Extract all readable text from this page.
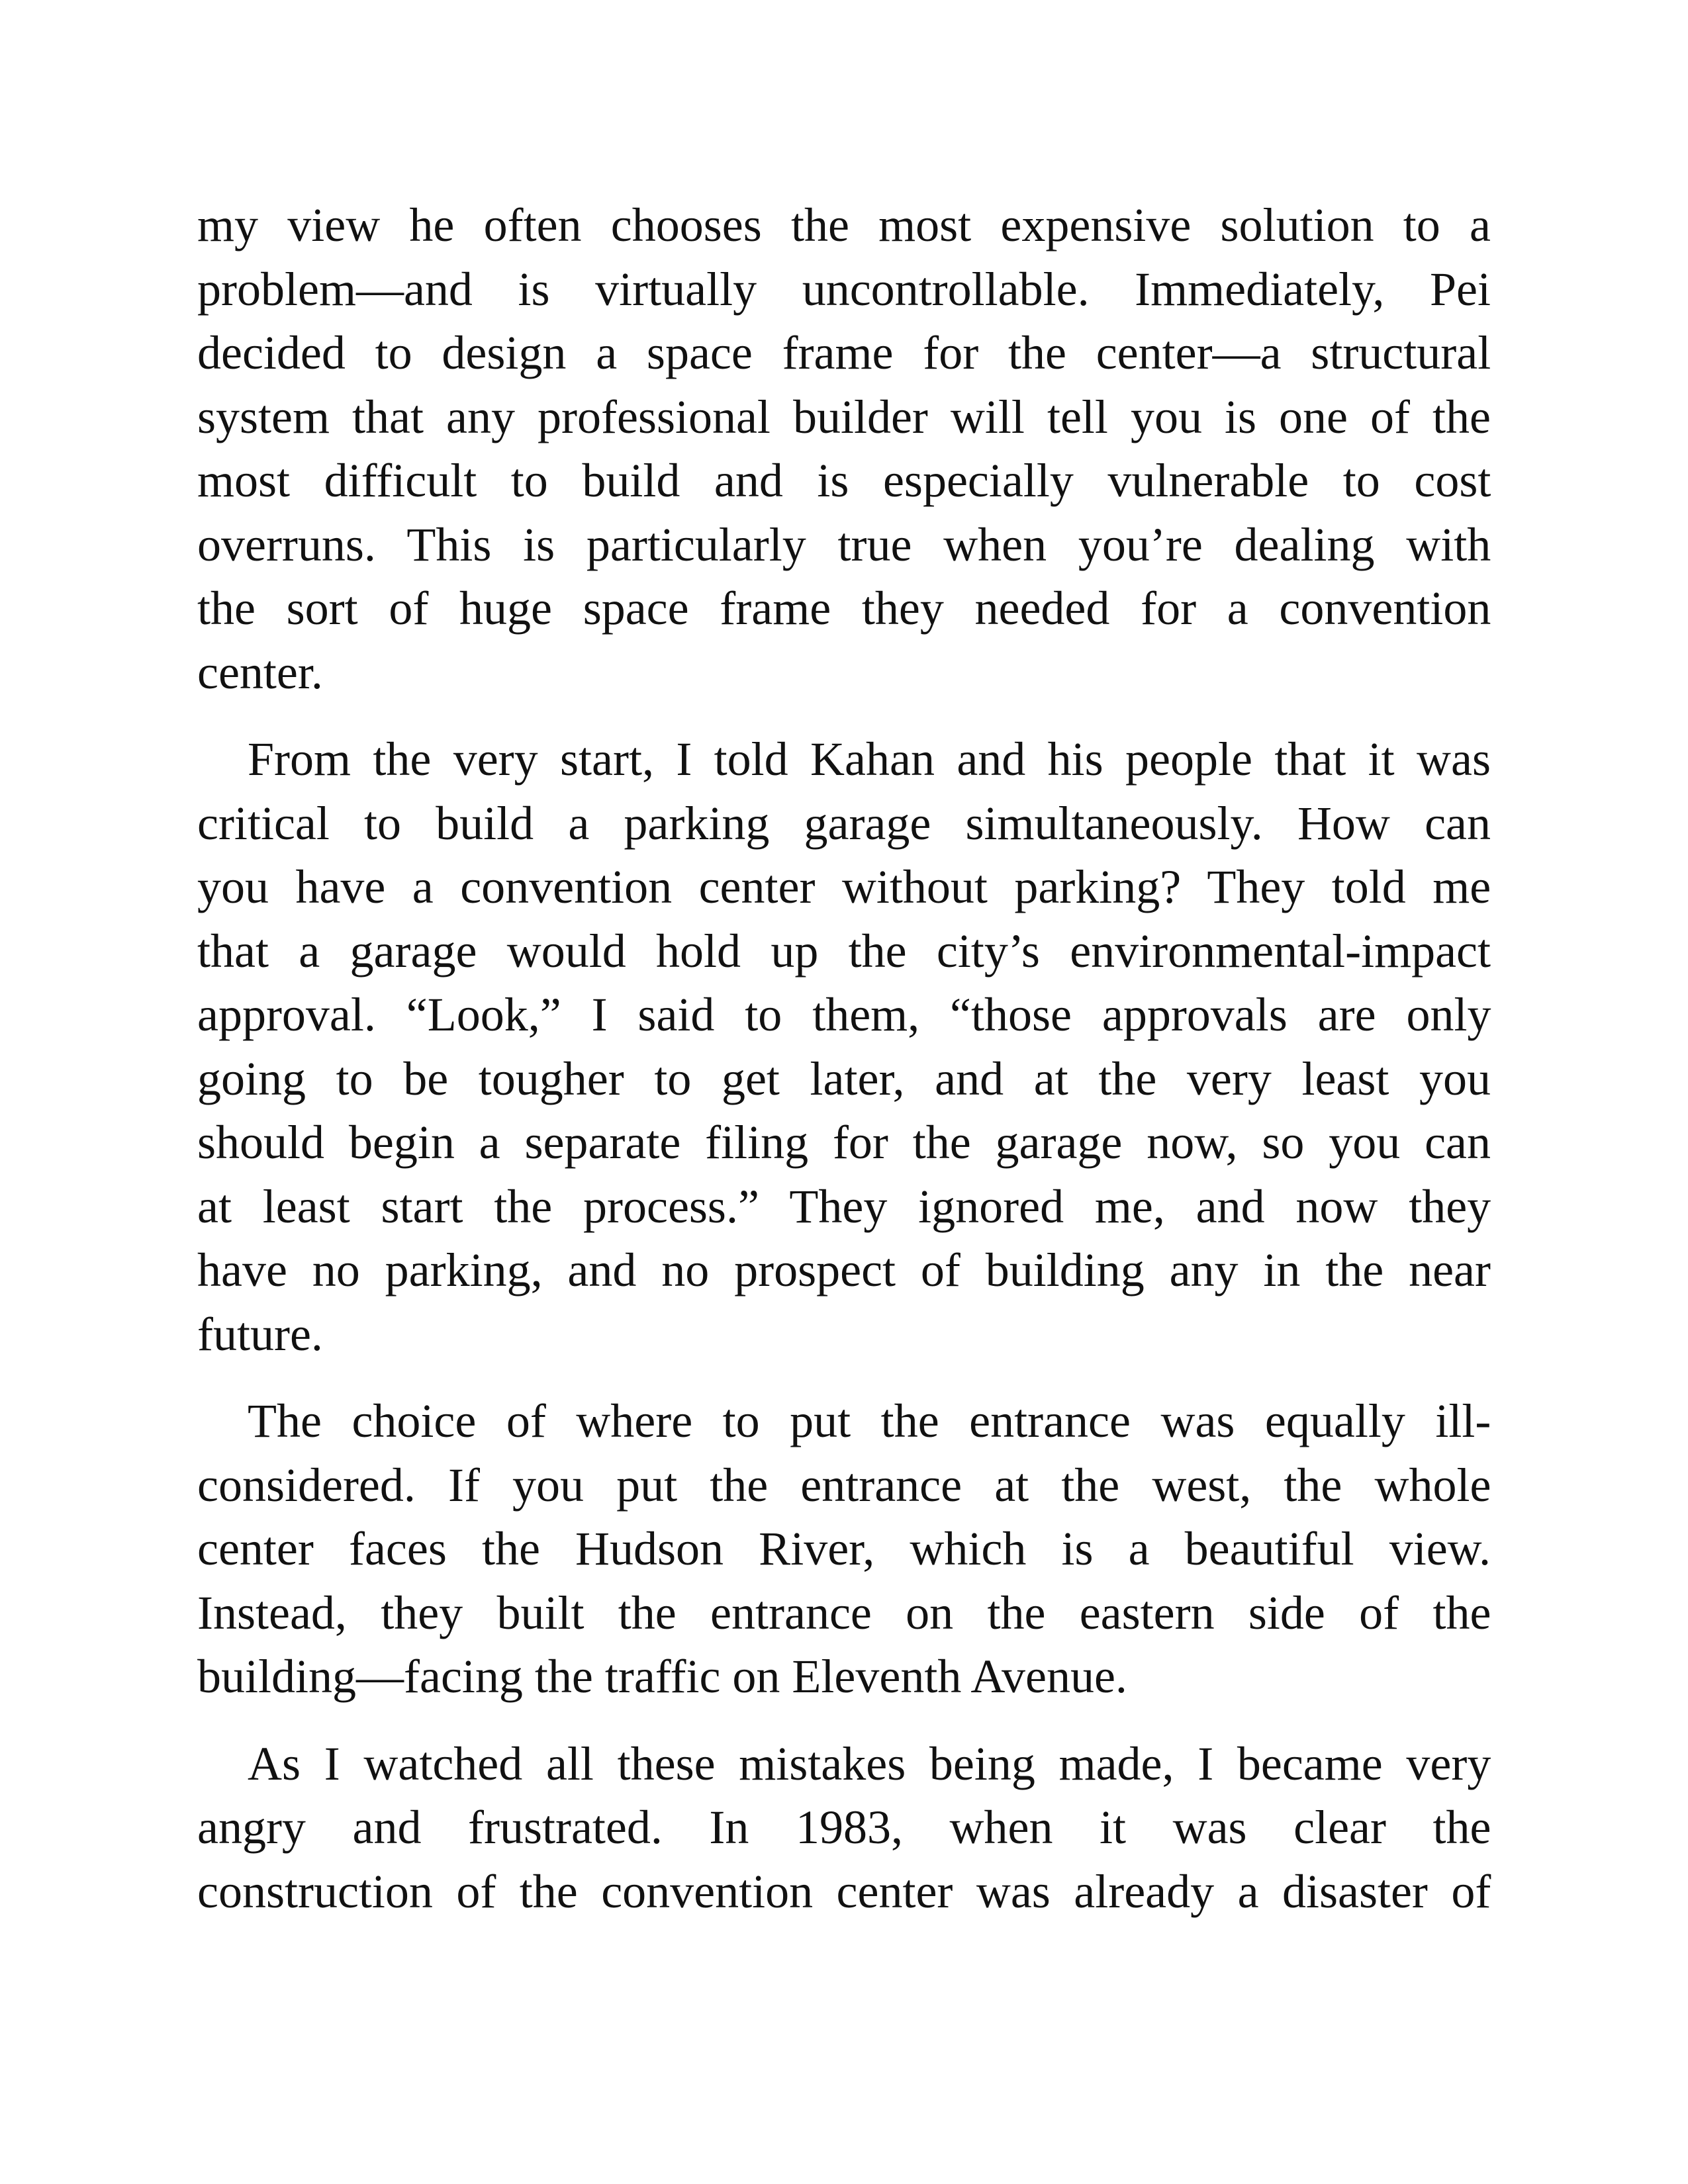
my view he often chooses the most expensive solution to a
problem—and is virtually uncontrollable. Immediately, Pei
decided to design a space frame for the center—a structural
system that any professional builder will tell you is one of the
most difficult to build and is especially vulnerable to cost
overruns. This is particularly true when you’re dealing with
the sort of huge space frame they needed for a convention
center.

From the very start, I told Kahan and his people that it was
critical to build a parking garage simultaneously. How can
you have a convention center without parking? They told me
that a garage would hold up the city’s environmental-impact
approval. “Look,” I said to them, “those approvals are only
going to be tougher to get later, and at the very least you
should begin a separate filing for the garage now, so you can
at least start the process.” They ignored me, and now they
have no parking, and no prospect of building any in the near
future.

The choice of where to put the entrance was equally ill-
considered. If you put the entrance at the west, the whole
center faces the Hudson River, which is a beautiful view.
Instead, they built the entrance on the eastern side of the
building—facing the traffic on Eleventh Avenue.

As I watched all these mistakes being made, I became very
angry and frustrated. In 1983, when it was clear the
construction of the convention center was already a disaster of
